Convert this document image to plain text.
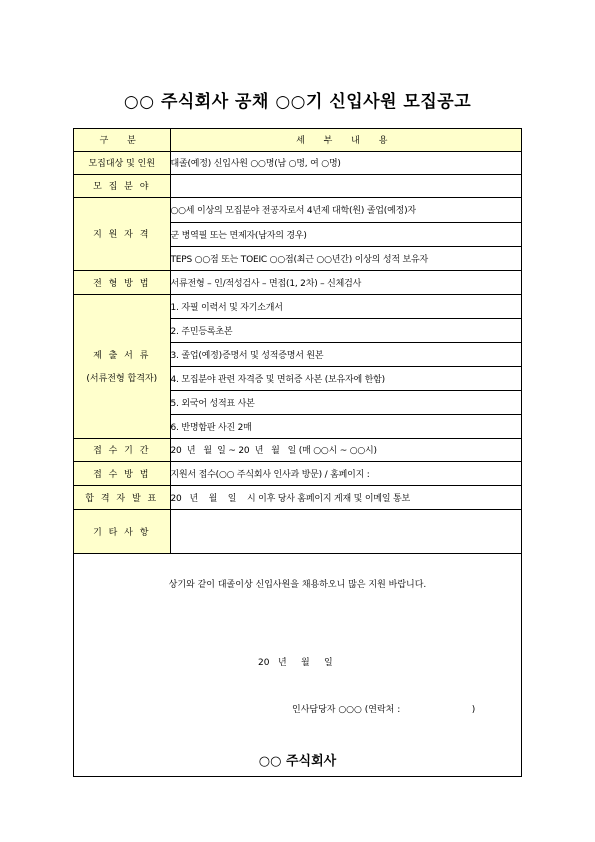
○○ 주식회사 공채 ○○기 신입사원 모집공고
구 분	세 부 내 용
모집대상 및 인원	대졸(예정) 신입사원 ○○명(남 ○명, 여 ○명)
모 집 분 야	
지 원 자 격	○○세 이상의 모집분야 전공자로서 4년제 대학(원) 졸업(예정)자
	군 병역필 또는 면제자(남자의 경우)
	TEPS ○○점 또는 TOEIC ○○점(최근 ○○년간) 이상의 성적 보유자
전 형 방 법	서류전형 – 인/적성검사 – 면접(1, 2차) – 신체검사

제 출 서 류
(서류전형 합격자)	1. 자필 이력서 및 자기소개서
	2. 주민등록초본
	3. 졸업(예정)증명서 및 성적증명서 원본
	4. 모집분야 관련 자격증 및 면허증 사본 (보유자에 한함)
	5. 외국어 성적표 사본
	6. 반명함판 사진 2매
접 수 기 간	20  년   월  일 ~ 20  년   월   일 (매 ○○시 ~ ○○시)
접 수 방 법	지원서 접수(○○ 주식회사 인사과 방문) / 홈페이지 :
합 격 자 발 표	20   년    월    일    시 이후 당사 홈페이지 게재 및 이메일 통보
기 타 사 항	
상기와 같이 대졸이상 신입사원을 채용하오니 많은 지원 바랍니다.
20   년     월     일
인사담당자 ○○○ (연락처 :                         )
○○ 주식회사
